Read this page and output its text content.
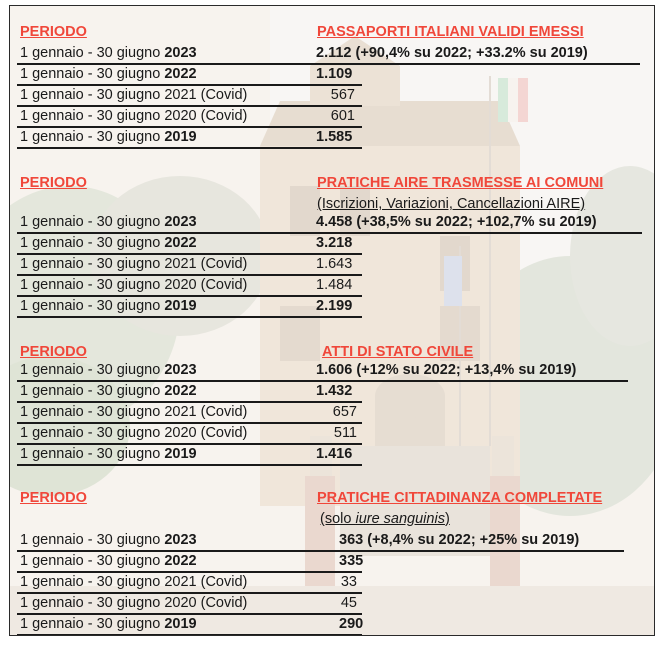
PERIODO	PASSAPORTI ITALIANI VALIDI EMESSI
1 gennaio - 30 giugno 2023	2.112 (+90,4% su 2022; +33.2% su 2019)
1 gennaio - 30 giugno 2022	1.109
1 gennaio - 30 giugno 2021 (Covid)	567
1 gennaio - 30 giugno 2020 (Covid)	601
1 gennaio - 30 giugno 2019	1.585
PERIODO	PRATICHE AIRE TRASMESSE AI COMUNI
(Iscrizioni, Variazioni, Cancellazioni AIRE)
1 gennaio - 30 giugno 2023	4.458 (+38,5% su 2022; +102,7% su 2019)
1 gennaio - 30 giugno 2022	3.218
1 gennaio - 30 giugno 2021 (Covid)	1.643
1 gennaio - 30 giugno 2020 (Covid)	1.484
1 gennaio - 30 giugno 2019	2.199
PERIODO	ATTI DI STATO CIVILE
1 gennaio - 30 giugno 2023	1.606 (+12% su 2022; +13,4% su 2019)
1 gennaio - 30 giugno 2022	1.432
1 gennaio - 30 giugno 2021 (Covid)	657
1 gennaio - 30 giugno 2020 (Covid)	511
1 gennaio - 30 giugno 2019	1.416
PERIODO	PRATICHE CITTADINANZA COMPLETATE
(solo iure sanguinis)
1 gennaio - 30 giugno 2023	363 (+8,4% su 2022; +25% su 2019)
1 gennaio - 30 giugno 2022	335
1 gennaio - 30 giugno 2021 (Covid)	33
1 gennaio - 30 giugno 2020 (Covid)	45
1 gennaio - 30 giugno 2019	290
